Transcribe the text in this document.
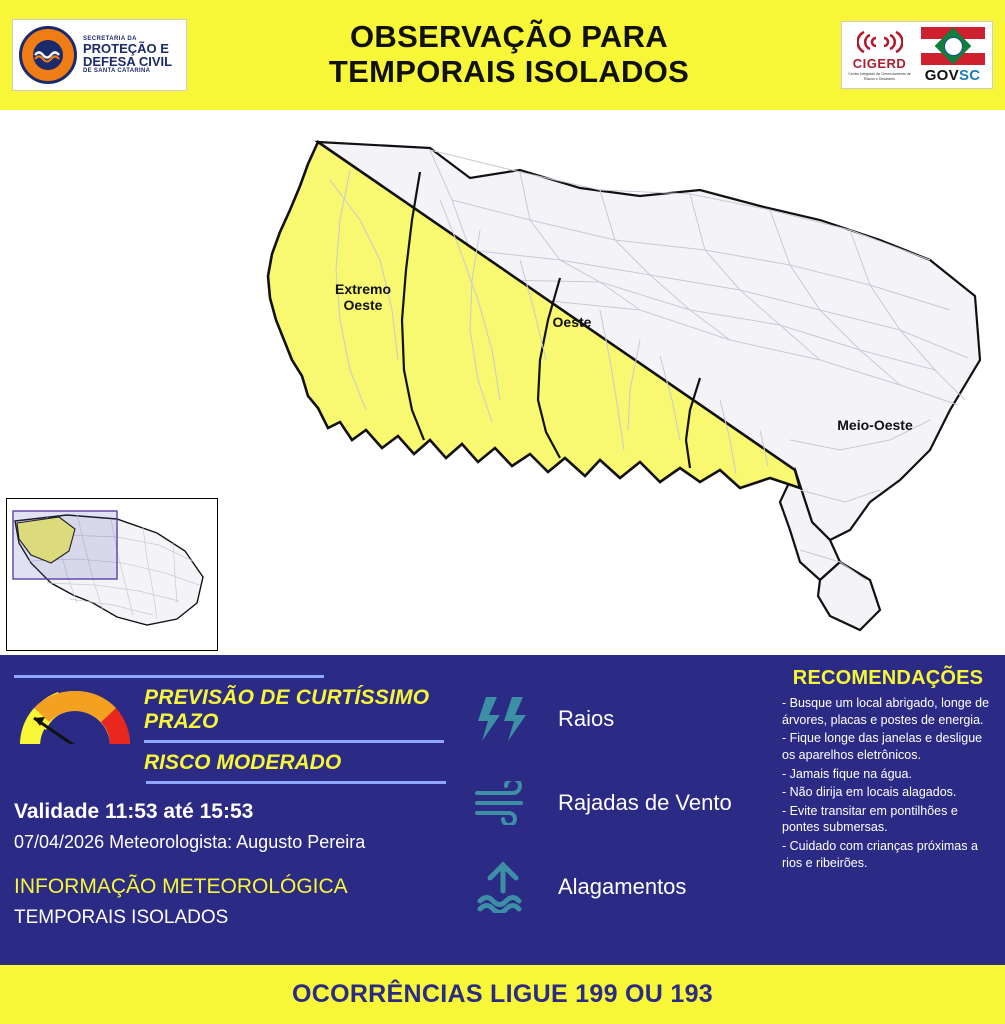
SECRETARIA DA
PROTEÇÃO E
DEFESA CIVIL
DE SANTA CATARINA
OBSERVAÇÃO PARA
TEMPORAIS ISOLADOS	CIGERD
Centro Integrado de Gerenciamento de Riscos e Desastres	GOVSC
Extremo
Oeste
Oeste
Meio-Oeste
PREVISÃO DE CURTÍSSIMO PRAZO
RISCO MODERADO
Validade 11:53 até 15:53
07/04/2026 Meteorologista: Augusto Pereira
INFORMAÇÃO METEOROLÓGICA
TEMPORAIS ISOLADOS
Raios
Rajadas de Vento
Alagamentos
RECOMENDAÇÕES
- Busque um local abrigado, longe de árvores, placas e postes de energia.
- Fique longe das janelas e desligue os aparelhos eletrônicos.
- Jamais fique na água.
- Não dirija em locais alagados.
- Evite transitar em pontilhões e pontes submersas.
- Cuidado com crianças próximas a rios e ribeirões.
OCORRÊNCIAS LIGUE 199 OU 193
